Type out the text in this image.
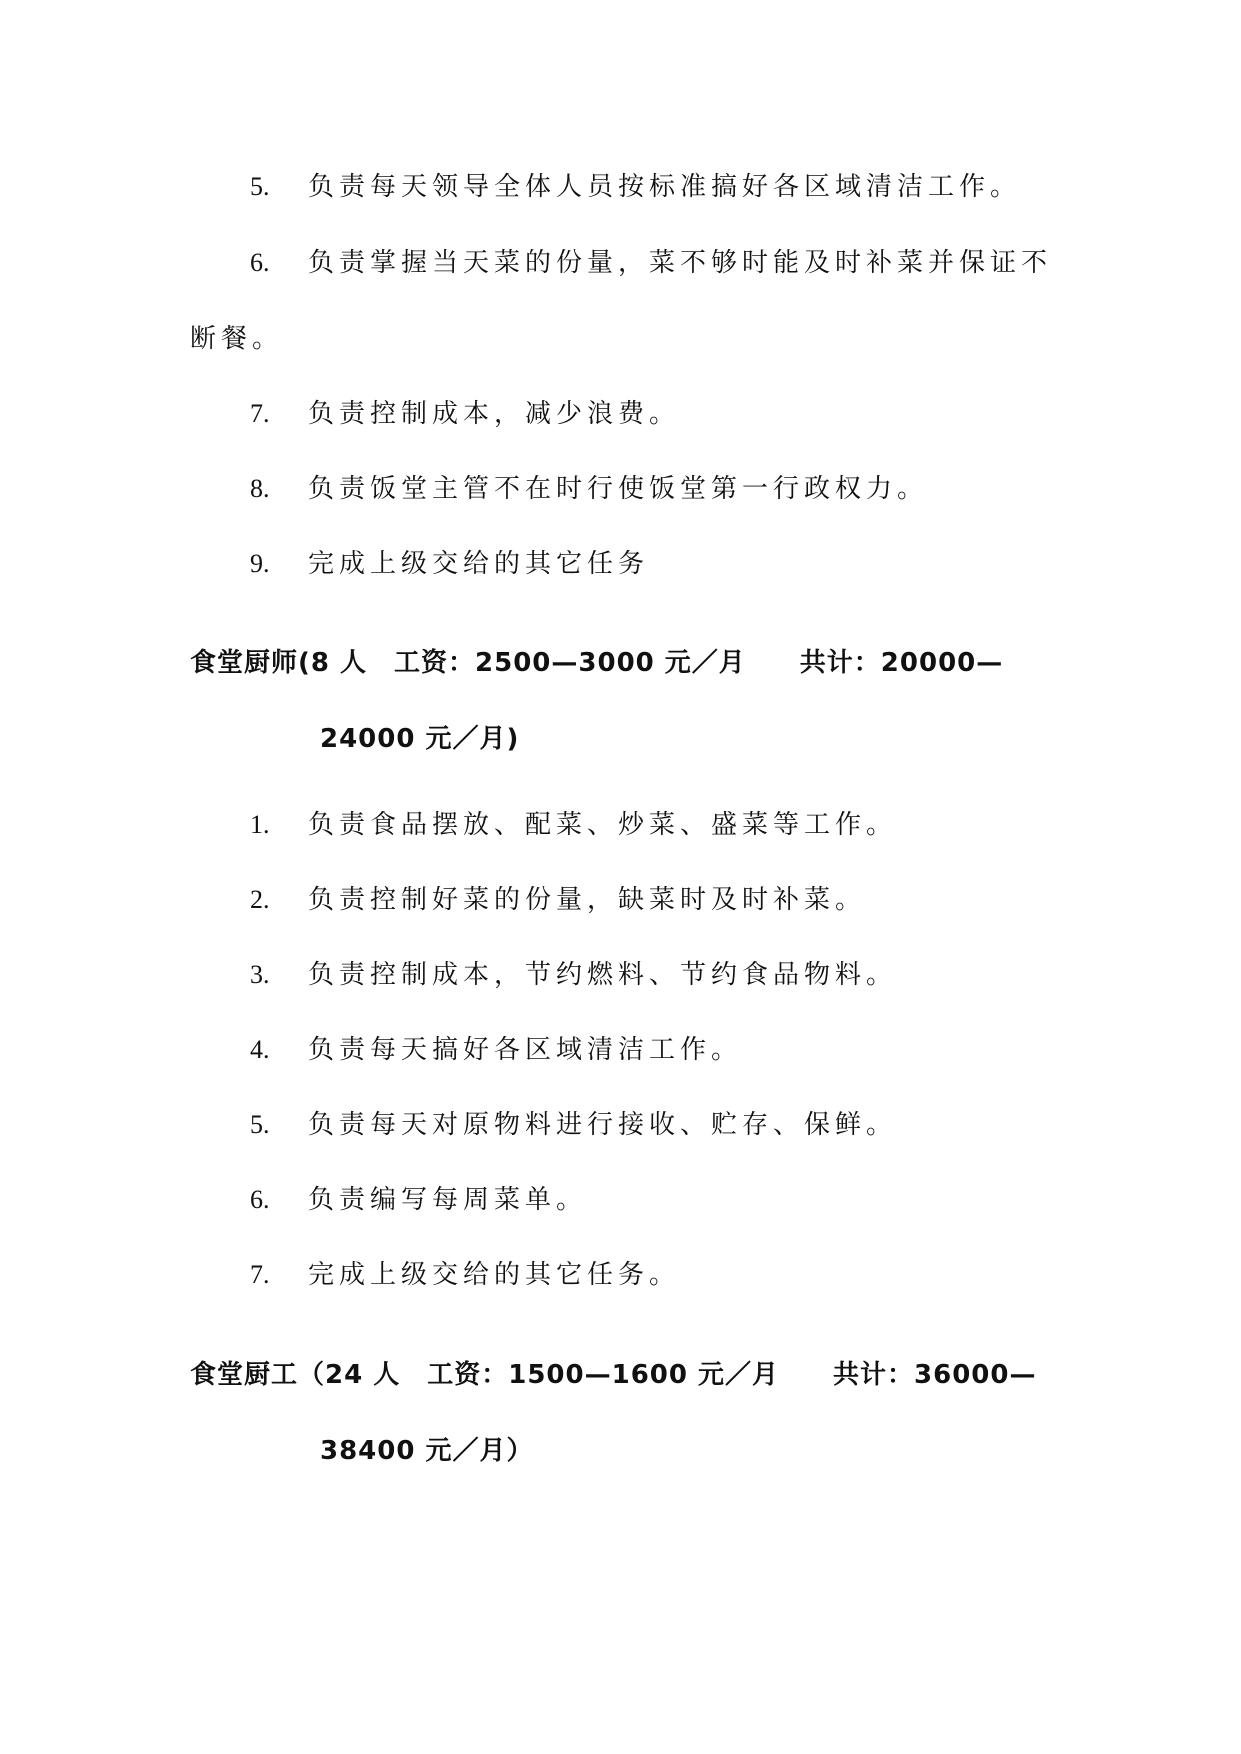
5. 负责每天领导全体人员按标准搞好各区域清洁工作。
6. 负责掌握当天菜的份量，菜不够时能及时补菜并保证不
断餐。
7. 负责控制成本，减少浪费。
8. 负责饭堂主管不在时行使饭堂第一行政权力。
9. 完成上级交给的其它任务
食堂厨师(8 人　工资：2500—3000 元／月　　共计：20000—
24000 元／月)
1. 负责食品摆放、配菜、炒菜、盛菜等工作。
2. 负责控制好菜的份量，缺菜时及时补菜。
3. 负责控制成本，节约燃料、节约食品物料。
4. 负责每天搞好各区域清洁工作。
5. 负责每天对原物料进行接收、贮存、保鲜。
6. 负责编写每周菜单。
7. 完成上级交给的其它任务。
食堂厨工（24 人　工资：1500—1600 元／月　　共计：36000—
38400 元／月）
